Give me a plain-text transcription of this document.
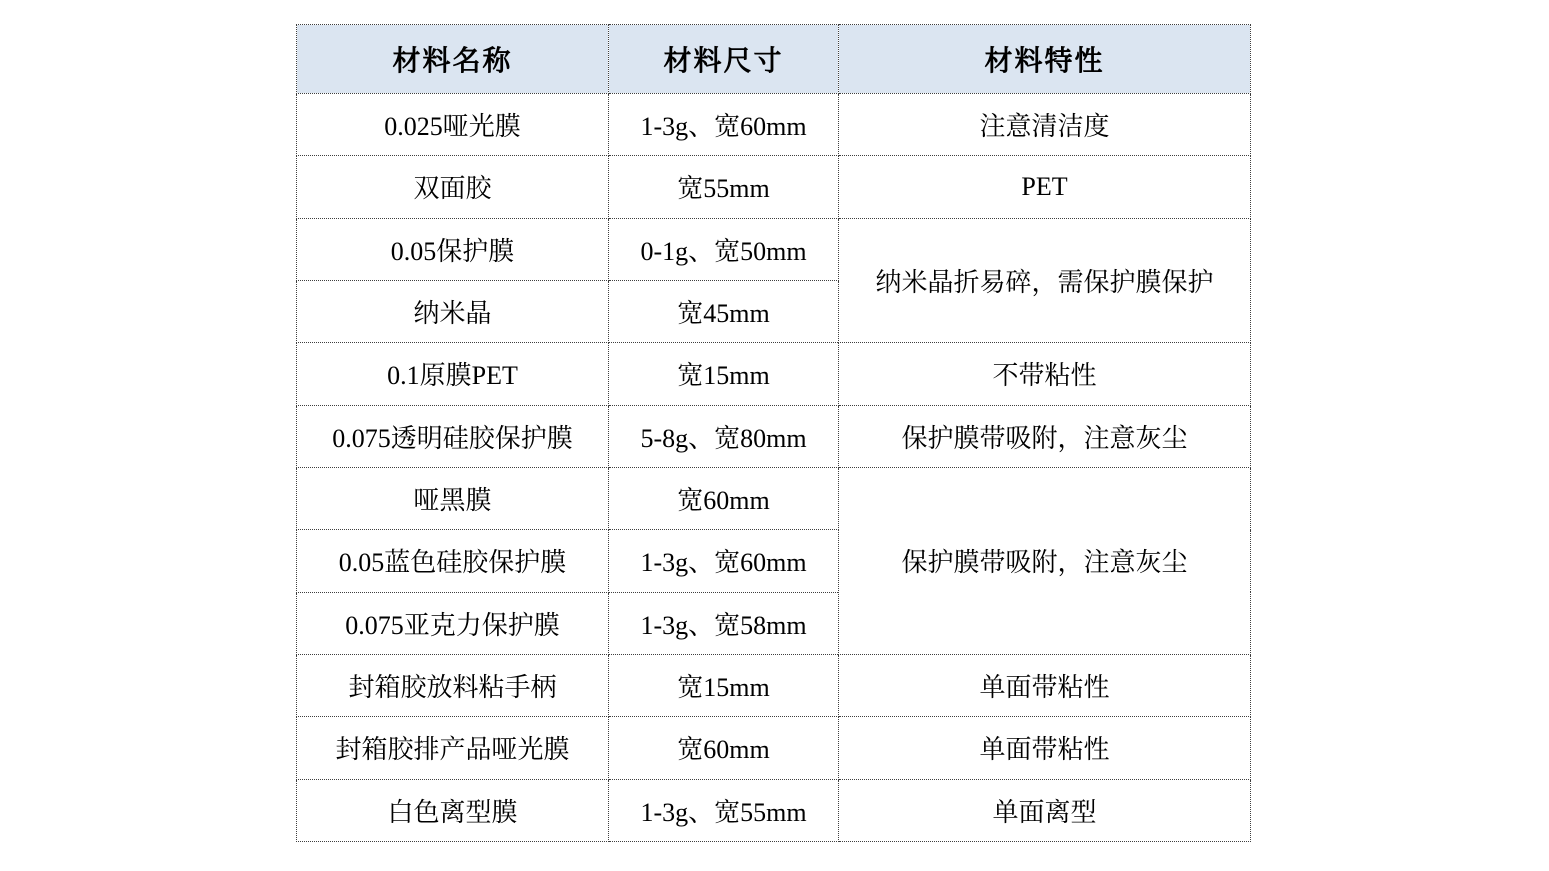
材料名称	材料尺寸	材料特性
0.025哑光膜	1-3g、宽60mm	注意清洁度
双面胶	宽55mm	PET
0.05保护膜	0-1g、宽50mm	纳米晶折易碎，需保护膜保护
纳米晶	宽45mm	
0.1原膜PET	宽15mm	不带粘性
0.075透明硅胶保护膜	5-8g、宽80mm	保护膜带吸附，注意灰尘
哑黑膜	宽60mm	保护膜带吸附，注意灰尘
0.05蓝色硅胶保护膜	1-3g、宽60mm	
0.075亚克力保护膜	1-3g、宽58mm	
封箱胶放料粘手柄	宽15mm	单面带粘性
封箱胶排产品哑光膜	宽60mm	单面带粘性
白色离型膜	1-3g、宽55mm	单面离型
